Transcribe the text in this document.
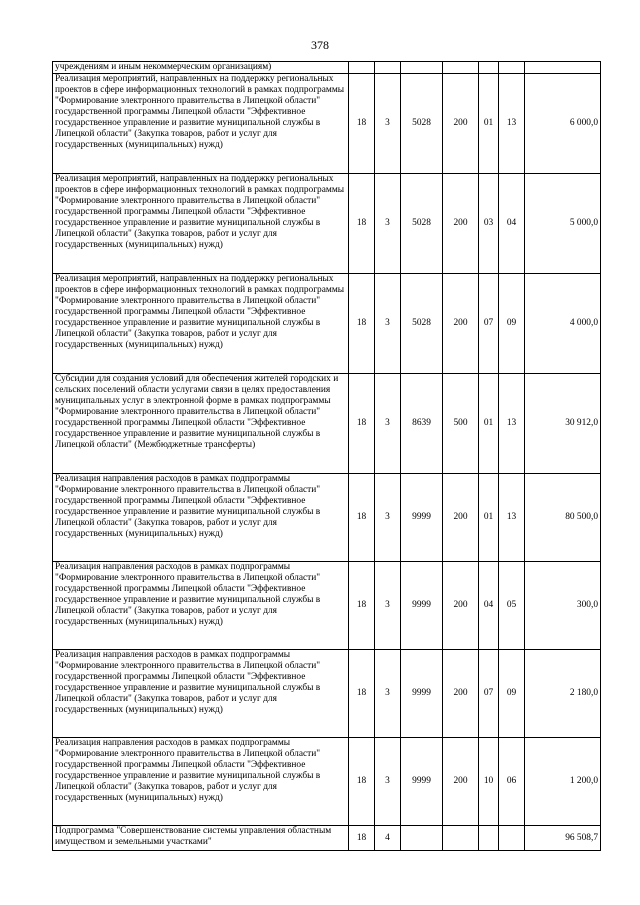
378
учреждениям и иным некоммерческим организациям)							
Реализация мероприятий, направленных на поддержку региональных проектов в сфере информационных технологий в рамках подпрограммы "Формирование электронного правительства в Липецкой области" государственной программы Липецкой области "Эффективное государственное управление и развитие муниципальной службы в Липецкой области" (Закупка товаров, работ и услуг для государственных (муниципальных) нужд)	18	3	5028	200	01	13	6 000,0
Реализация мероприятий, направленных на поддержку региональных проектов в сфере информационных технологий в рамках подпрограммы "Формирование электронного правительства в Липецкой области" государственной программы Липецкой области "Эффективное государственное управление и развитие муниципальной службы в Липецкой области" (Закупка товаров, работ и услуг для государственных (муниципальных) нужд)	18	3	5028	200	03	04	5 000,0
Реализация мероприятий, направленных на поддержку региональных проектов в сфере информационных технологий в рамках подпрограммы "Формирование электронного правительства в Липецкой области" государственной программы Липецкой области "Эффективное государственное управление и развитие муниципальной службы в Липецкой области" (Закупка товаров, работ и услуг для государственных (муниципальных) нужд)	18	3	5028	200	07	09	4 000,0
Субсидии для создания условий для обеспечения жителей городских и сельских поселений области услугами связи в целях предоставления муниципальных услуг в электронной форме в рамках подпрограммы "Формирование электронного правительства в Липецкой области" государственной программы Липецкой области "Эффективное государственное управление и развитие муниципальной службы в Липецкой области" (Межбюджетные трансферты)	18	3	8639	500	01	13	30 912,0
Реализация направления расходов в рамках подпрограммы "Формирование электронного правительства в Липецкой области" государственной программы Липецкой области "Эффективное государственное управление и развитие муниципальной службы в Липецкой области" (Закупка товаров, работ и услуг для государственных (муниципальных) нужд)	18	3	9999	200	01	13	80 500,0
Реализация направления расходов в рамках подпрограммы "Формирование электронного правительства в Липецкой области" государственной программы Липецкой области "Эффективное государственное управление и развитие муниципальной службы в Липецкой области" (Закупка товаров, работ и услуг для государственных (муниципальных) нужд)	18	3	9999	200	04	05	300,0
Реализация направления расходов в рамках подпрограммы "Формирование электронного правительства в Липецкой области" государственной программы Липецкой области "Эффективное государственное управление и развитие муниципальной службы в Липецкой области" (Закупка товаров, работ и услуг для государственных (муниципальных) нужд)	18	3	9999	200	07	09	2 180,0
Реализация направления расходов в рамках подпрограммы "Формирование электронного правительства в Липецкой области" государственной программы Липецкой области "Эффективное государственное управление и развитие муниципальной службы в Липецкой области" (Закупка товаров, работ и услуг для государственных (муниципальных) нужд)	18	3	9999	200	10	06	1 200,0
Подпрограмма "Совершенствование системы управления областным имуществом и земельными участками"	18	4					96 508,7
